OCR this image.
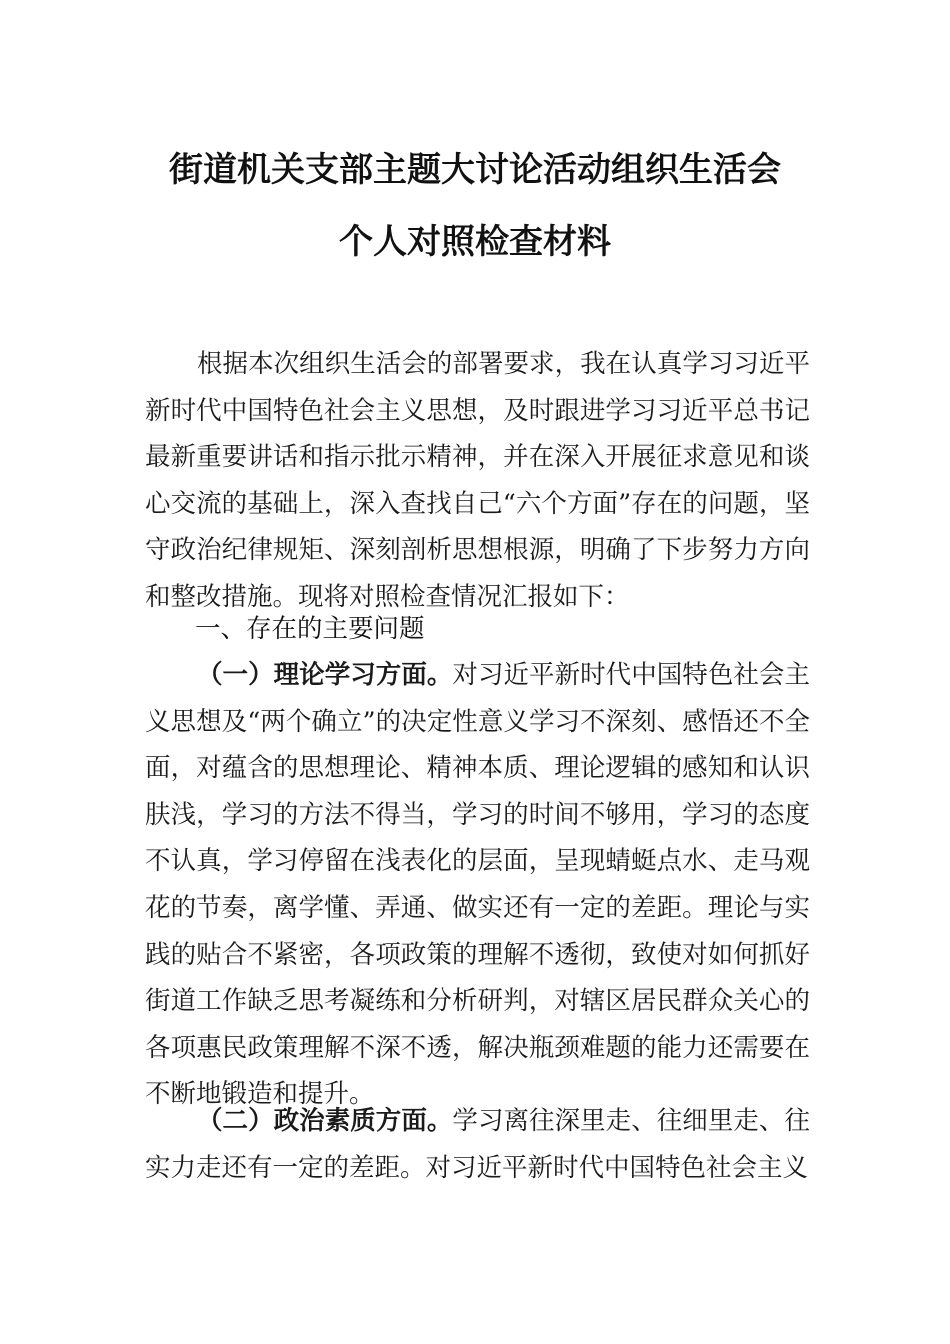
街道机关支部主题大讨论活动组织生活会
个人对照检查材料

根据本次组织生活会的部署要求，我在认真学习习近平新时代中国特色社会主义思想，及时跟进学习习近平总书记最新重要讲话和指示批示精神，并在深入开展征求意见和谈心交流的基础上，深入查找自己“六个方面”存在的问题，坚守政治纪律规矩、深刻剖析思想根源，明确了下步努力方向和整改措施。现将对照检查情况汇报如下：

一、存在的主要问题

（一）理论学习方面。对习近平新时代中国特色社会主义思想及“两个确立”的决定性意义学习不深刻、感悟还不全面，对蕴含的思想理论、精神本质、理论逻辑的感知和认识肤浅，学习的方法不得当，学习的时间不够用，学习的态度不认真，学习停留在浅表化的层面，呈现蜻蜓点水、走马观花的节奏，离学懂、弄通、做实还有一定的差距。理论与实践的贴合不紧密，各项政策的理解不透彻，致使对如何抓好街道工作缺乏思考凝练和分析研判，对辖区居民群众关心的各项惠民政策理解不深不透，解决瓶颈难题的能力还需要在不断地锻造和提升。

（二）政治素质方面。学习离往深里走、往细里走、往实力走还有一定的差距。对习近平新时代中国特色社会主义
